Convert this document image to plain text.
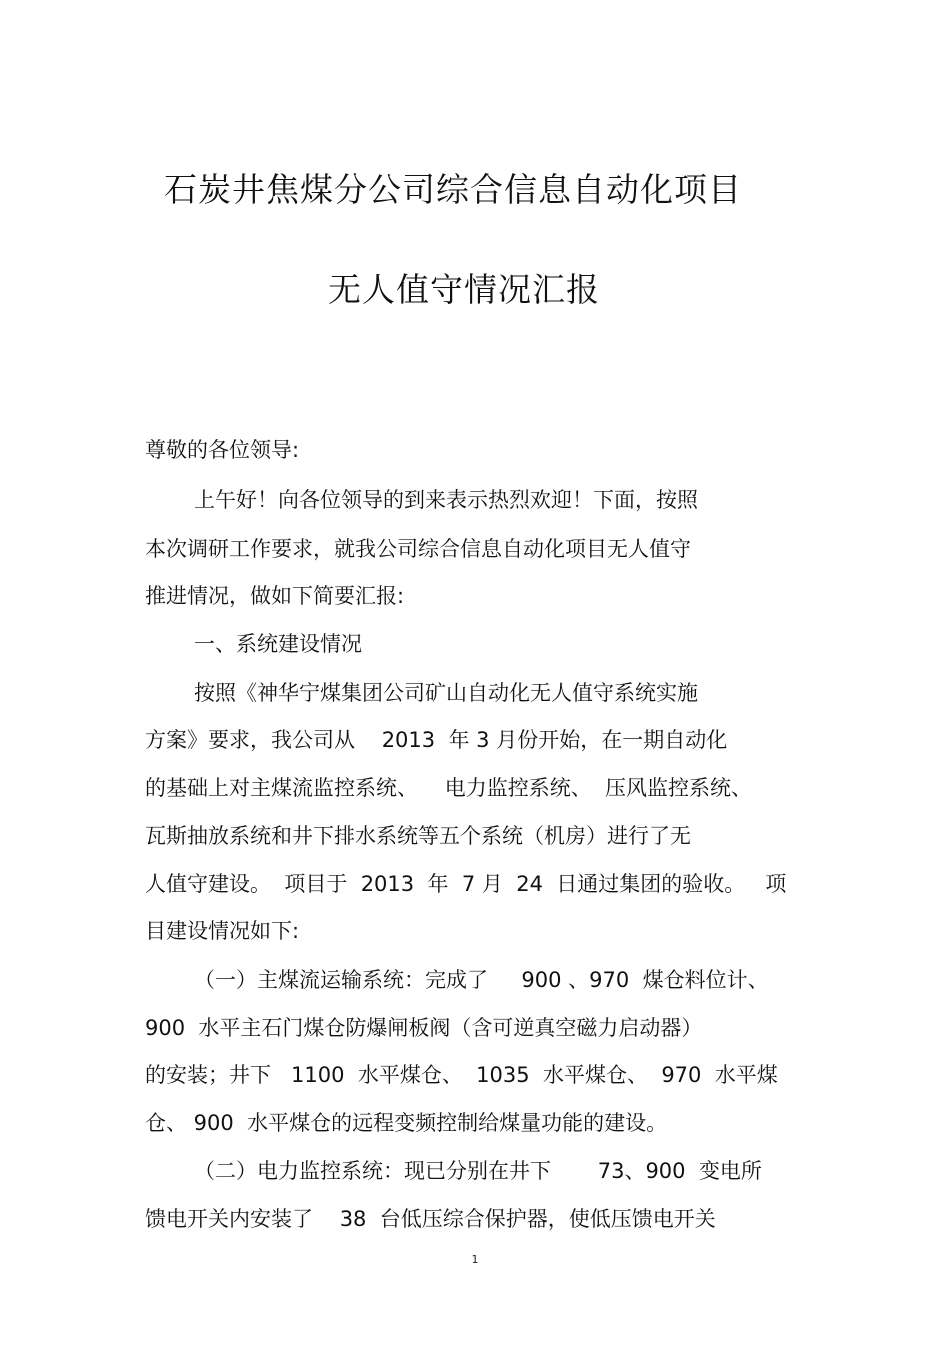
石炭井焦煤分公司综合信息自动化项目
无人值守情况汇报
尊敬的各位领导:
上午好！向各位领导的到来表示热烈欢迎！下面，按照
本次调研工作要求，就我公司综合信息自动化项目无人值守
推进情况，做如下简要汇报:
一、系统建设情况
按照《神华宁煤集团公司矿山自动化无人值守系统实施
方案》要求，我公司从    2013  年 3 月份开始，在一期自动化
的基础上对主煤流监控系统、    电力监控系统、  压风监控系统、
瓦斯抽放系统和井下排水系统等五个系统（机房）进行了无
人值守建设。  项目于  2013  年  7 月  24  日通过集团的验收。   项
目建设情况如下:
（一）主煤流运输系统：完成了     900 、970  煤仓料位计、
900  水平主石门煤仓防爆闸板阀（含可逆真空磁力启动器）
的安装；井下   1100  水平煤仓、  1035  水平煤仓、  970  水平煤
仓、 900  水平煤仓的远程变频控制给煤量功能的建设。
（二）电力监控系统：现已分别在井下       73、900  变电所
馈电开关内安装了    38  台低压综合保护器，使低压馈电开关
1
